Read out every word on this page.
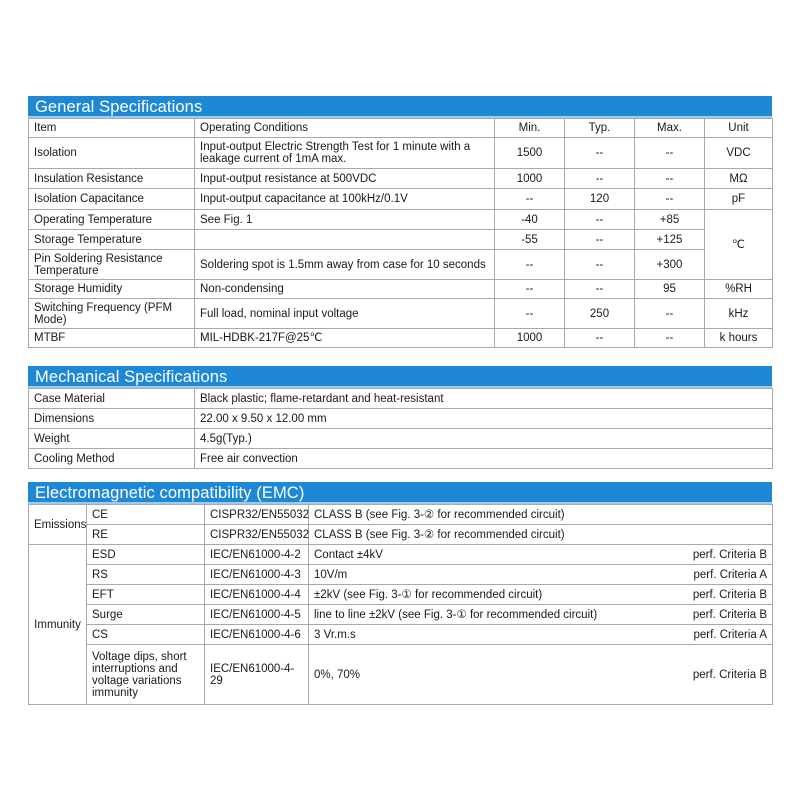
General Specifications
Item	Operating Conditions	Min.	Typ.	Max.	Unit
Isolation	Input-output Electric Strength Test for 1 minute with a leakage current of 1mA max.	1500	--	--	VDC
Insulation Resistance	Input-output resistance at 500VDC	1000	--	--	MΩ
Isolation Capacitance	Input-output capacitance at 100kHz/0.1V	--	120	--	pF
Operating Temperature	See Fig. 1	-40	--	+85	℃
Storage Temperature		-55	--	+125	
Pin Soldering Resistance Temperature	Soldering spot is 1.5mm away from case for 10 seconds	--	--	+300	
Storage Humidity	Non-condensing	--	--	95	%RH
Switching Frequency (PFM Mode)	Full load, nominal input voltage	--	250	--	kHz
MTBF	MIL-HDBK-217F@25℃	1000	--	--	k hours
Mechanical Specifications
Case Material	Black plastic; flame-retardant and heat-resistant
Dimensions	22.00 x 9.50 x 12.00 mm
Weight	4.5g(Typ.)
Cooling Method	Free air convection
Electromagnetic compatibility (EMC)
Emissions	CE	CISPR32/EN55032	CLASS B (see Fig. 3-② for recommended circuit)
	RE	CISPR32/EN55032	CLASS B (see Fig. 3-② for recommended circuit)
Immunity	ESD	IEC/EN61000-4-2	Contact ±4kV perf. Criteria B

	RS	IEC/EN61000-4-3	10V/m perf. Criteria A

	EFT	IEC/EN61000-4-4	±2kV (see Fig. 3-① for recommended circuit) perf. Criteria B

	Surge	IEC/EN61000-4-5	line to line ±2kV (see Fig. 3-① for recommended circuit) perf. Criteria B

	CS	IEC/EN61000-4-6	3 Vr.m.s perf. Criteria A

	Voltage dips, short interruptions and voltage variations immunity	IEC/EN61000-4-29	0%, 70% perf. Criteria B
